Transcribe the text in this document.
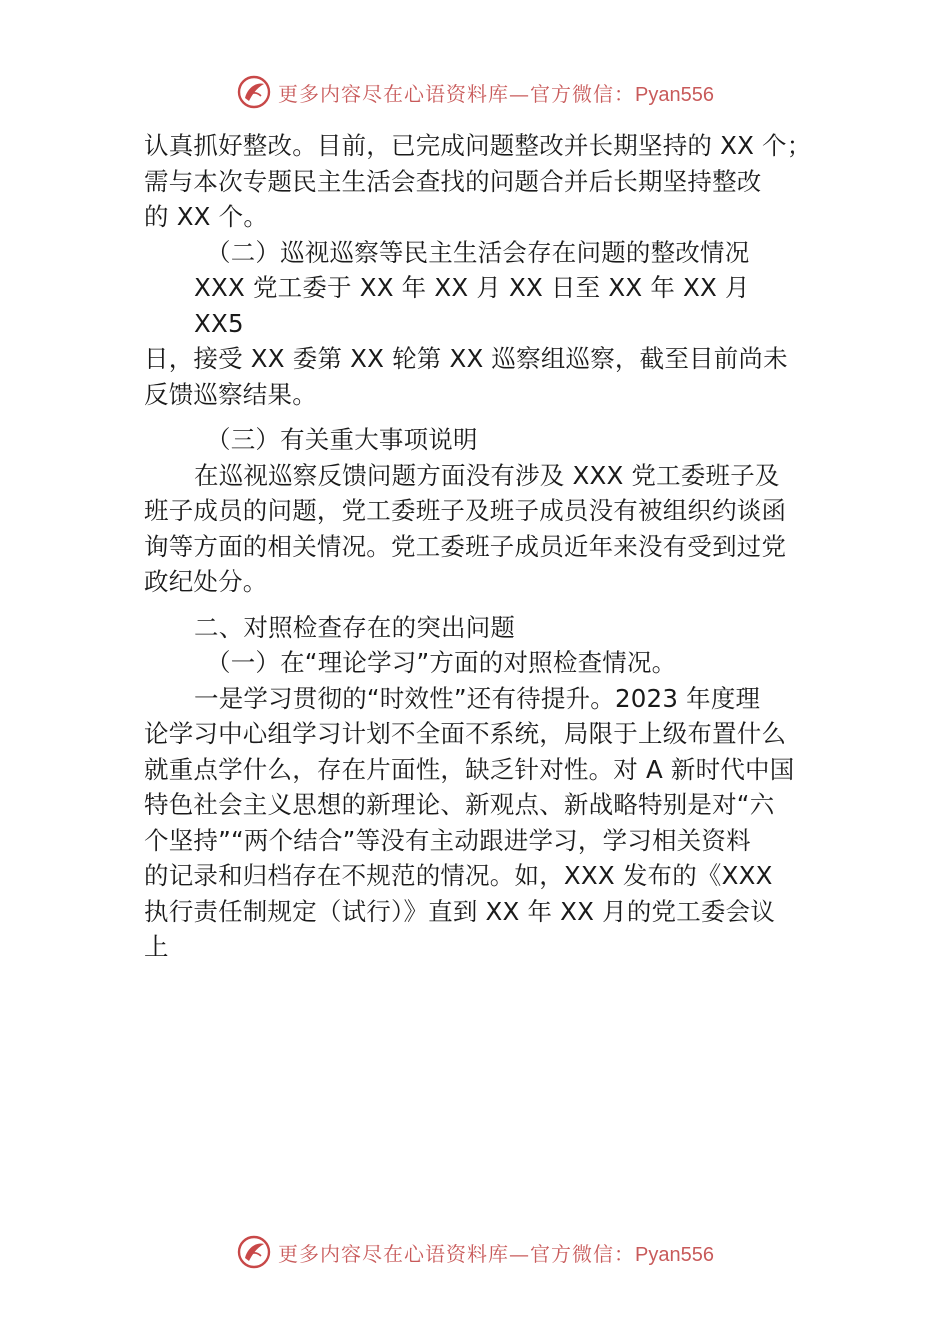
更多内容尽在心语资料库—官方微信：Pyan556

认真抓好整改。目前，已完成问题整改并长期坚持的 XX 个；

需与本次专题民主生活会查找的问题合并后长期坚持整改

的 XX 个。

（二）巡视巡察等民主生活会存在问题的整改情况

XXX 党工委于 XX 年 XX 月 XX 日至 XX 年 XX 月

XX5

日，接受 XX 委第 XX 轮第 XX 巡察组巡察，截至目前尚未

反馈巡察结果。

（三）有关重大事项说明

在巡视巡察反馈问题方面没有涉及 XXX 党工委班子及

班子成员的问题，党工委班子及班子成员没有被组织约谈函

询等方面的相关情况。党工委班子成员近年来没有受到过党

政纪处分。

二、对照检查存在的突出问题

（一）在“理论学习”方面的对照检查情况。

一是学习贯彻的“时效性”还有待提升。2023 年度理

论学习中心组学习计划不全面不系统，局限于上级布置什么

就重点学什么，存在片面性，缺乏针对性。对 A 新时代中国

特色社会主义思想的新理论、新观点、新战略特别是对“六

个坚持”“两个结合”等没有主动跟进学习，学习相关资料

的记录和归档存在不规范的情况。如，XXX 发布的《XXX

执行责任制规定（试行）》直到 XX 年 XX 月的党工委会议

上

更多内容尽在心语资料库—官方微信：Pyan556
